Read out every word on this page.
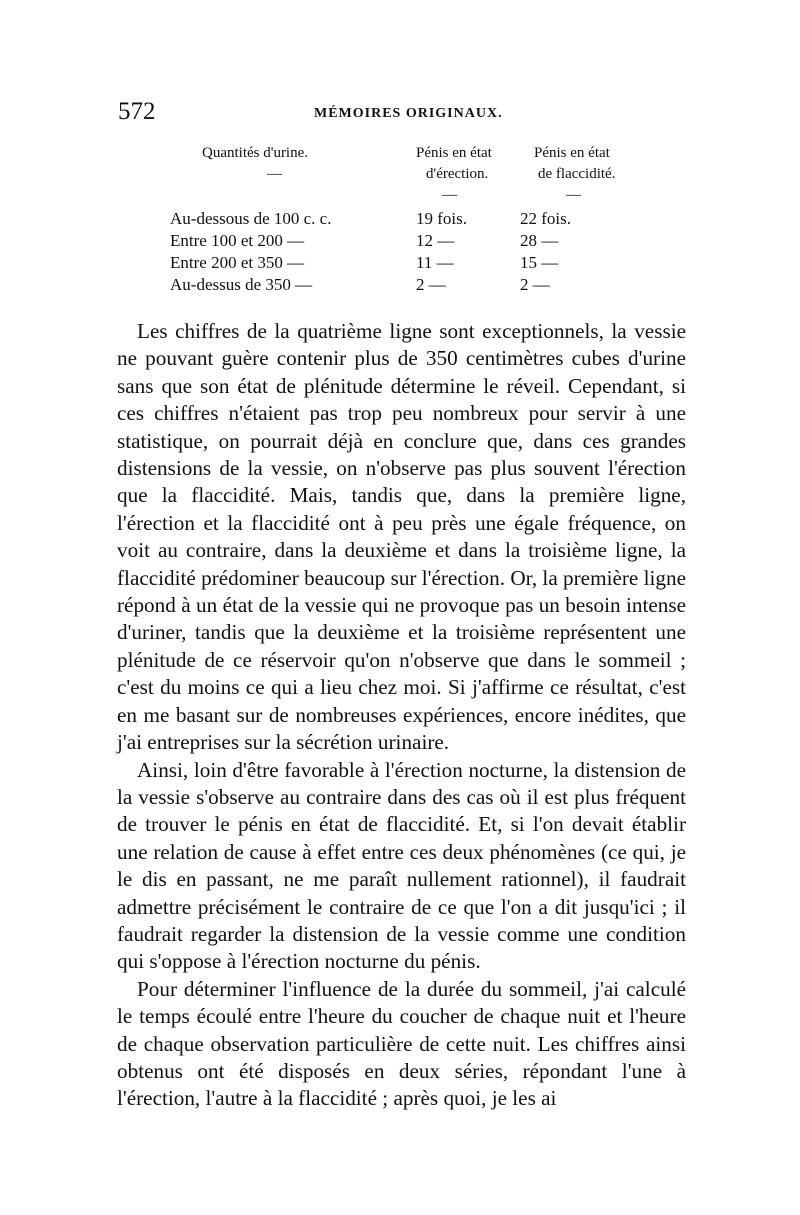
572	MÉMOIRES ORIGINAUX.
Quantités d'urine.
—
Pénis en état
d'érection.
—
Pénis en état
de flaccidité.
—
Au-dessous de 100 c. c.	19 fois.	22 fois.
Entre 100 et 200 —	12 —	28 —
Entre 200 et 350 —	11 —	15 —
Au-dessus de 350 —	2 —	2 —

Les chiffres de la quatrième ligne sont exceptionnels, la vessie ne pouvant guère contenir plus de 350 centimètres cubes d'urine sans que son état de plénitude détermine le réveil. Cependant, si ces chiffres n'étaient pas trop peu nombreux pour servir à une statistique, on pourrait déjà en conclure que, dans ces grandes distensions de la vessie, on n'observe pas plus souvent l'érection que la flaccidité. Mais, tandis que, dans la première ligne, l'érection et la flaccidité ont à peu près une égale fréquence, on voit au contraire, dans la deuxième et dans la troisième ligne, la flaccidité prédominer beaucoup sur l'érection. Or, la première ligne répond à un état de la vessie qui ne provoque pas un besoin intense d'uriner, tandis que la deuxième et la troisième représentent une plénitude de ce réservoir qu'on n'observe que dans le sommeil ; c'est du moins ce qui a lieu chez moi. Si j'affirme ce résultat, c'est en me basant sur de nombreuses expériences, encore inédites, que j'ai entreprises sur la sécrétion urinaire.

Ainsi, loin d'être favorable à l'érection nocturne, la distension de la vessie s'observe au contraire dans des cas où il est plus fréquent de trouver le pénis en état de flaccidité. Et, si l'on devait établir une relation de cause à effet entre ces deux phénomènes (ce qui, je le dis en passant, ne me paraît nullement rationnel), il faudrait admettre précisément le contraire de ce que l'on a dit jusqu'ici ; il faudrait regarder la distension de la vessie comme une condition qui s'oppose à l'érection nocturne du pénis.

Pour déterminer l'influence de la durée du sommeil, j'ai calculé le temps écoulé entre l'heure du coucher de chaque nuit et l'heure de chaque observation particulière de cette nuit. Les chiffres ainsi obtenus ont été disposés en deux séries, répondant l'une à l'érection, l'autre à la flaccidité ; après quoi, je les ai
